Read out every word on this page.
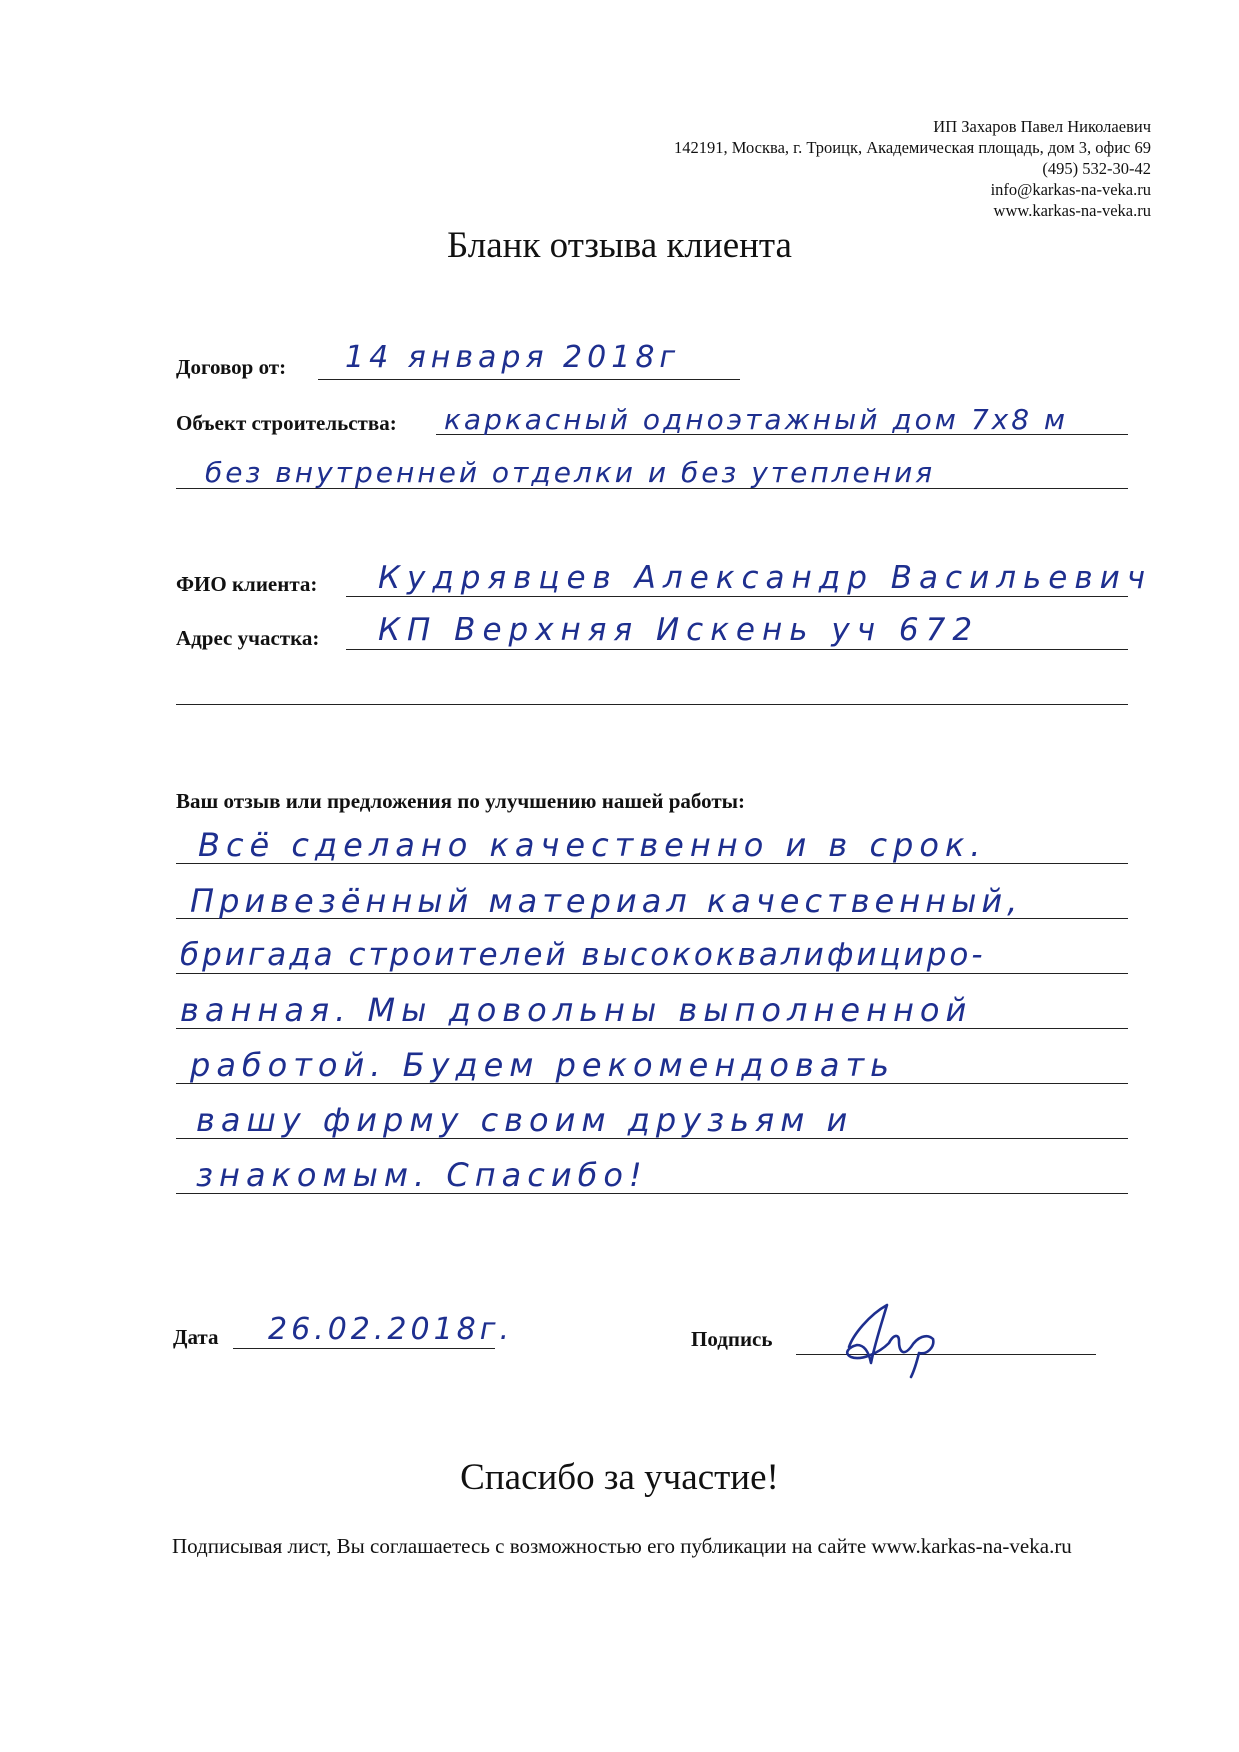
ИП Захаров Павел Николаевич
142191, Москва, г. Троицк, Академическая площадь, дом 3, офис 69
(495) 532-30-42
info@karkas-na-veka.ru
www.karkas-na-veka.ru
Бланк отзыва клиента
Договор от: 14 января 2018г
Объект строительства: каркасный одноэтажный дом 7х8 м
без внутренней отделки и без утепления
ФИО клиента: Кудрявцев Александр Васильевич
Адрес участка: КП Верхняя Искень уч 672
Ваш отзыв или предложения по улучшению нашей работы:
Всё сделано качественно и в срок.
Привезённый материал качественный,
бригада строителей высококвалифициро-
ванная. Мы довольны выполненной
работой. Будем рекомендовать
вашу фирму своим друзьям и
знакомым. Спасибо!
Дата 26.02.2018г.	Подпись
Спасибо за участие!
Подписывая лист, Вы соглашаетесь с возможностью его публикации на сайте www.karkas-na-veka.ru
